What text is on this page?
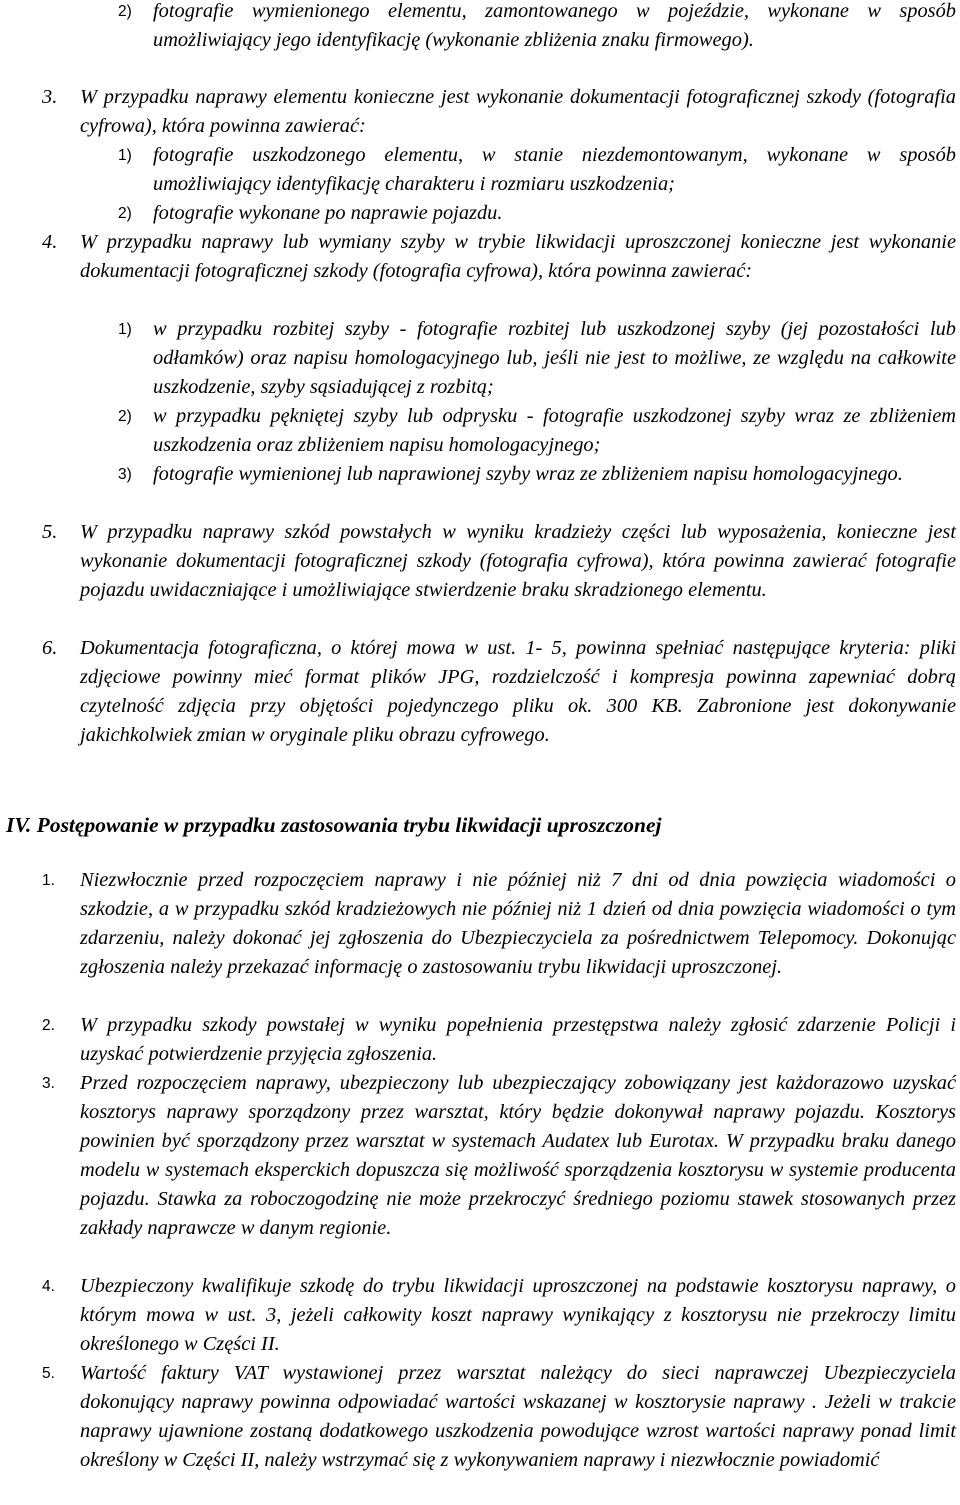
2)	fotografie wymienionego elementu, zamontowanego w pojeździe, wykonane w sposób umożliwiający jego identyfikację (wykonanie zbliżenia znaku firmowego).
3.	W przypadku naprawy elementu konieczne jest wykonanie dokumentacji fotograficznej szkody (fotografia cyfrowa), która powinna zawierać:
1)	fotografie uszkodzonego elementu, w stanie niezdemontowanym, wykonane w sposób umożliwiający identyfikację charakteru i rozmiaru uszkodzenia;
2)	fotografie wykonane po naprawie pojazdu.
4.	W przypadku naprawy lub wymiany szyby w trybie likwidacji uproszczonej konieczne jest wykonanie dokumentacji fotograficznej szkody (fotografia cyfrowa), która powinna zawierać:
1)	w przypadku rozbitej szyby - fotografie rozbitej lub uszkodzonej szyby (jej pozostałości lub odłamków) oraz napisu homologacyjnego lub, jeśli nie jest to możliwe, ze względu na całkowite uszkodzenie, szyby sąsiadującej z rozbitą;
2)	w przypadku pękniętej szyby lub odprysku - fotografie uszkodzonej szyby wraz ze zbliżeniem uszkodzenia oraz zbliżeniem napisu homologacyjnego;
3)	fotografie wymienionej lub naprawionej szyby wraz ze zbliżeniem napisu homologacyjnego.
5.	W przypadku naprawy szkód powstałych w wyniku kradzieży części lub wyposażenia, konieczne jest wykonanie dokumentacji fotograficznej szkody (fotografia cyfrowa), która powinna zawierać fotografie pojazdu uwidaczniające i umożliwiające stwierdzenie braku skradzionego elementu.
6.	Dokumentacja fotograficzna, o której mowa w ust. 1- 5, powinna spełniać następujące kryteria: pliki zdjęciowe powinny mieć format plików JPG, rozdzielczość i kompresja powinna zapewniać dobrą czytelność zdjęcia przy objętości pojedynczego pliku ok. 300 KB. Zabronione jest dokonywanie jakichkolwiek zmian w oryginale pliku obrazu cyfrowego.
IV. Postępowanie w przypadku zastosowania trybu likwidacji uproszczonej
1.	Niezwłocznie przed rozpoczęciem naprawy i nie później niż 7 dni od dnia powzięcia wiadomości o szkodzie, a w przypadku szkód kradzieżowych nie później niż 1 dzień od dnia powzięcia wiadomości o tym zdarzeniu, należy dokonać jej zgłoszenia do Ubezpieczyciela za pośrednictwem Telepomocy. Dokonując zgłoszenia należy przekazać informację o zastosowaniu trybu likwidacji uproszczonej.
2.	W przypadku szkody powstałej w wyniku popełnienia przestępstwa należy zgłosić zdarzenie Policji i uzyskać potwierdzenie przyjęcia zgłoszenia.
3.	Przed rozpoczęciem naprawy, ubezpieczony lub ubezpieczający zobowiązany jest każdorazowo uzyskać kosztorys naprawy sporządzony przez warsztat, który będzie dokonywał naprawy pojazdu. Kosztorys powinien być sporządzony przez warsztat w systemach Audatex lub Eurotax. W przypadku braku danego modelu w systemach eksperckich dopuszcza się możliwość sporządzenia kosztorysu w systemie producenta pojazdu. Stawka za roboczogodzinę nie może przekroczyć średniego poziomu stawek stosowanych przez zakłady naprawcze w danym regionie.
4.	Ubezpieczony kwalifikuje szkodę do trybu likwidacji uproszczonej na podstawie kosztorysu naprawy, o którym mowa w ust. 3, jeżeli całkowity koszt naprawy wynikający z kosztorysu nie przekroczy limitu określonego w Części II.
5.	Wartość faktury VAT wystawionej przez warsztat należący do sieci naprawczej Ubezpieczyciela dokonujący naprawy powinna odpowiadać wartości wskazanej w kosztorysie naprawy . Jeżeli w trakcie naprawy ujawnione zostaną dodatkowego uszkodzenia powodujące wzrost wartości naprawy ponad limit określony w Części II, należy wstrzymać się z wykonywaniem naprawy i niezwłocznie powiadomić
